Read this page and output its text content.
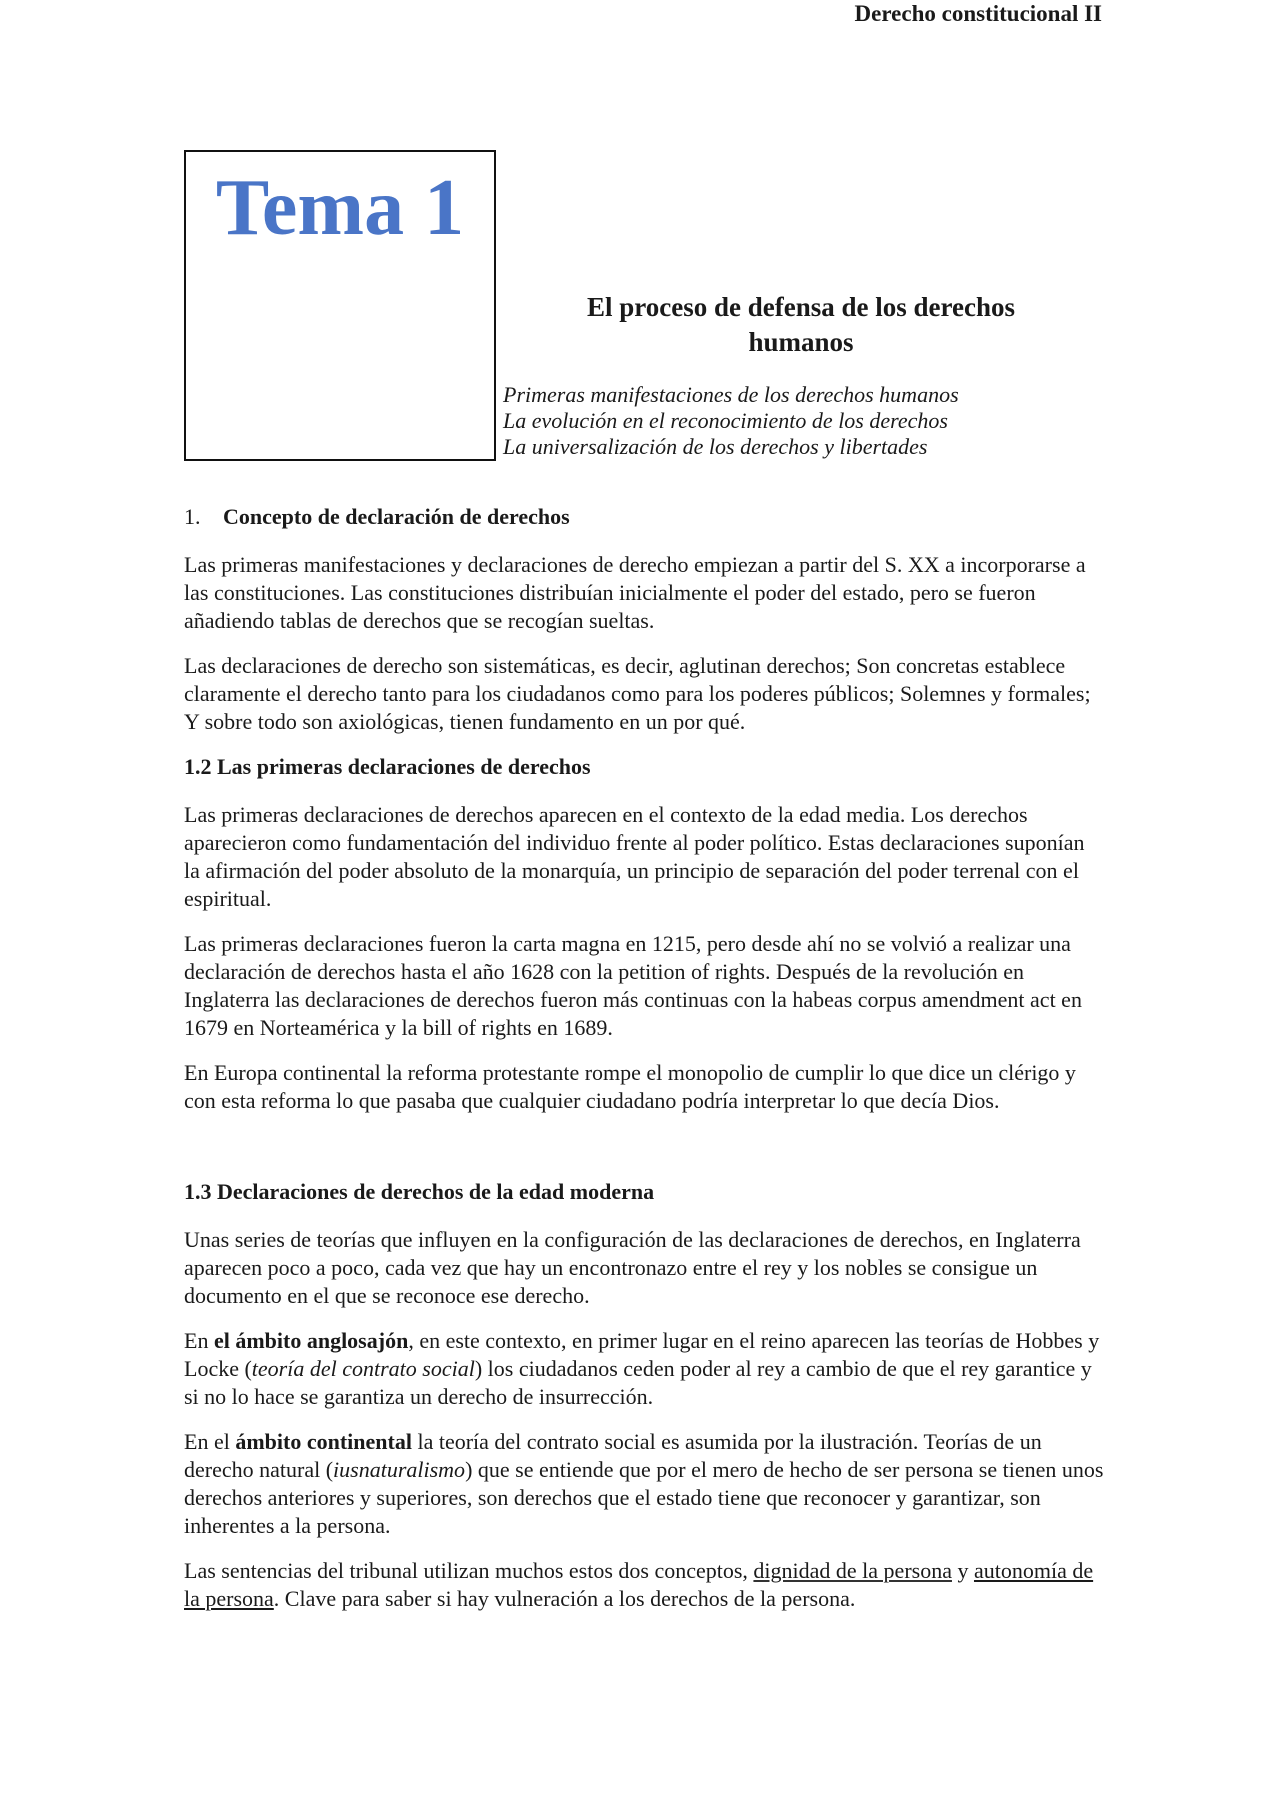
Derecho constitucional II
Tema 1
El proceso de defensa de los derechos
humanos
Primeras manifestaciones de los derechos humanos
La evolución en el reconocimiento de los derechos
La universalización de los derechos y libertades
1. Concepto de declaración de derechos

Las primeras manifestaciones y declaraciones de derecho empiezan a partir del S. XX a incorporarse a las constituciones. Las constituciones distribuían inicialmente el poder del estado, pero se fueron añadiendo tablas de derechos que se recogían sueltas.

Las declaraciones de derecho son sistemáticas, es decir, aglutinan derechos; Son concretas establece claramente el derecho tanto para los ciudadanos como para los poderes públicos; Solemnes y formales; Y sobre todo son axiológicas, tienen fundamento en un por qué.

1.2 Las primeras declaraciones de derechos

Las primeras declaraciones de derechos aparecen en el contexto de la edad media. Los derechos aparecieron como fundamentación del individuo frente al poder político. Estas declaraciones suponían la afirmación del poder absoluto de la monarquía, un principio de separación del poder terrenal con el espiritual.

Las primeras declaraciones fueron la carta magna en 1215, pero desde ahí no se volvió a realizar una declaración de derechos hasta el año 1628 con la petition of rights. Después de la revolución en Inglaterra las declaraciones de derechos fueron más continuas con la habeas corpus amendment act en 1679 en Norteamérica y la bill of rights en 1689.

En Europa continental la reforma protestante rompe el monopolio de cumplir lo que dice un clérigo y con esta reforma lo que pasaba que cualquier ciudadano podría interpretar lo que decía Dios.

1.3 Declaraciones de derechos de la edad moderna

Unas series de teorías que influyen en la configuración de las declaraciones de derechos, en Inglaterra aparecen poco a poco, cada vez que hay un encontronazo entre el rey y los nobles se consigue un documento en el que se reconoce ese derecho.

En el ámbito anglosajón, en este contexto, en primer lugar en el reino aparecen las teorías de Hobbes y Locke (teoría del contrato social) los ciudadanos ceden poder al rey a cambio de que el rey garantice y si no lo hace se garantiza un derecho de insurrección.

En el ámbito continental la teoría del contrato social es asumida por la ilustración. Teorías de un derecho natural (iusnaturalismo) que se entiende que por el mero de hecho de ser persona se tienen unos derechos anteriores y superiores, son derechos que el estado tiene que reconocer y garantizar, son inherentes a la persona.

Las sentencias del tribunal utilizan muchos estos dos conceptos, dignidad de la persona y autonomía de la persona. Clave para saber si hay vulneración a los derechos de la persona.
